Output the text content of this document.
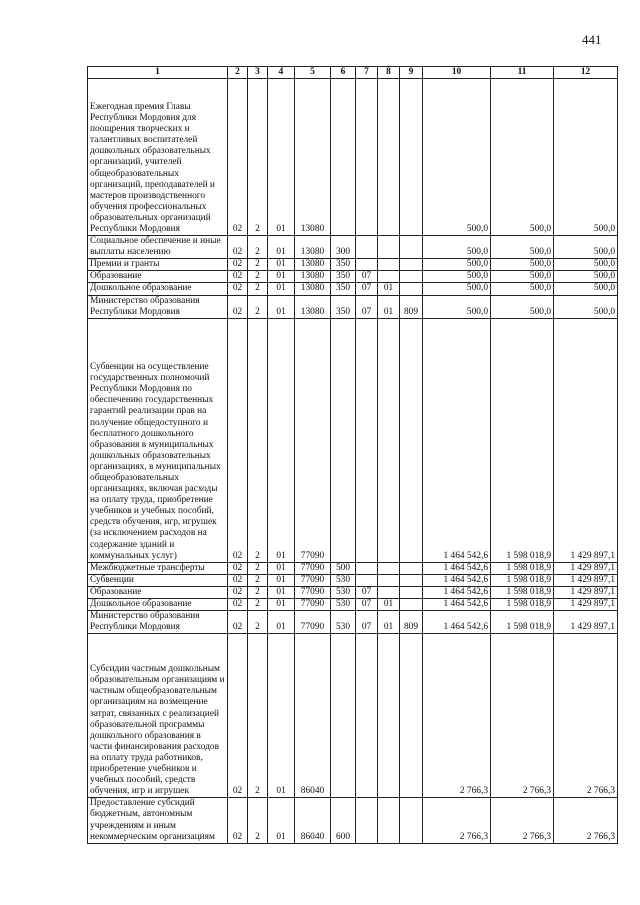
441
1	2	3	4	5	6	7	8	9	10	11	12
Ежегодная премия Главы Республики Мордовия для поощрения творческих и талантливых воспитателей дошкольных образовательных организаций, учителей общеобразовательных организаций, преподавателей и мастеров производственного обучения профессиональных образовательных организаций Республики Мордовия	02	2	01	13080					500,0	500,0	500,0
Социальное обеспечение и иные выплаты населению	02	2	01	13080	300				500,0	500,0	500,0
Премии и гранты	02	2	01	13080	350				500,0	500,0	500,0
Образование	02	2	01	13080	350	07			500,0	500,0	500,0
Дошкольное образование	02	2	01	13080	350	07	01		500,0	500,0	500,0
Министерство образования Республики Мордовия	02	2	01	13080	350	07	01	809	500,0	500,0	500,0
Субвенции на осуществление государственных полномочий Республики Мордовия по обеспечению государственных гарантий реализации прав на получение общедоступного и бесплатного дошкольного образования в муниципальных дошкольных образовательных организациях, в муниципальных общеобразовательных организациях, включая расходы на оплату труда, приобретение учебников и учебных пособий, средств обучения, игр, игрушек (за исключением расходов на содержание зданий и коммунальных услуг)	02	2	01	77090					1 464 542,6	1 598 018,9	1 429 897,1
Межбюджетные трансферты	02	2	01	77090	500				1 464 542,6	1 598 018,9	1 429 897,1
Субвенции	02	2	01	77090	530				1 464 542,6	1 598 018,9	1 429 897,1
Образование	02	2	01	77090	530	07			1 464 542,6	1 598 018,9	1 429 897,1
Дошкольное образование	02	2	01	77090	530	07	01		1 464 542,6	1 598 018,9	1 429 897,1
Министерство образования Республики Мордовия	02	2	01	77090	530	07	01	809	1 464 542,6	1 598 018,9	1 429 897,1
Субсидии частным дошкольным образовательным организациям и частным общеобразовательным организациям на возмещение затрат, связанных с реализацией образовательной программы дошкольного образования в части финансирования расходов на оплату труда работников, приобретение учебников и учебных пособий, средств обучения, игр и игрушек	02	2	01	86040					2 766,3	2 766,3	2 766,3
Предоставление субсидий бюджетным, автономным учреждениям и иным некоммерческим организациям	02	2	01	86040	600				2 766,3	2 766,3	2 766,3
